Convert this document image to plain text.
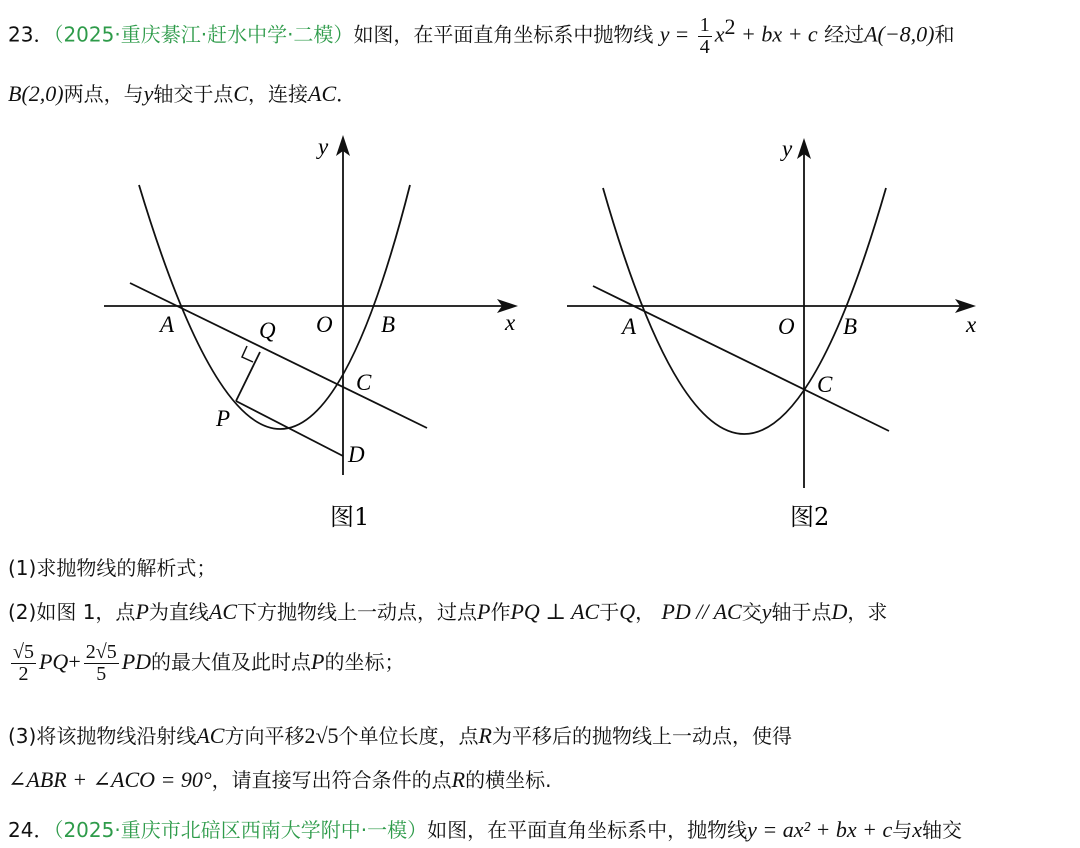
23．（2025·重庆綦江·赶水中学·二模）如图，在平面直角坐标系中抛物线 $y = \frac{1}{4} x^2$ + bx + c 经过A(−8,0)和
B(2,0)两点，与y轴交于点C，连接AC．
y
x
A	O B
Q
C
P
D
图1
y
x
A	O B
C
图2
(1)求抛物线的解析式；
(2)如图 1，点P为直线AC下方抛物线上一动点，过点P作PQ ⊥ AC于Q， PD // AC交y轴于点D，求
$\frac{√5}{2} PQ+ \frac{2√5}{5}$ PD的最大值及此时点P的坐标；
(3)将该抛物线沿射线AC方向平移2√5个单位长度，点R为平移后的抛物线上一动点，使得
∠ABR + ∠ACO = 90°，请直接写出符合条件的点R的横坐标.
24．（2025·重庆市北碚区西南大学附中·一模）如图，在平面直角坐标系中，抛物线y = ax² + bx + c与x轴交
